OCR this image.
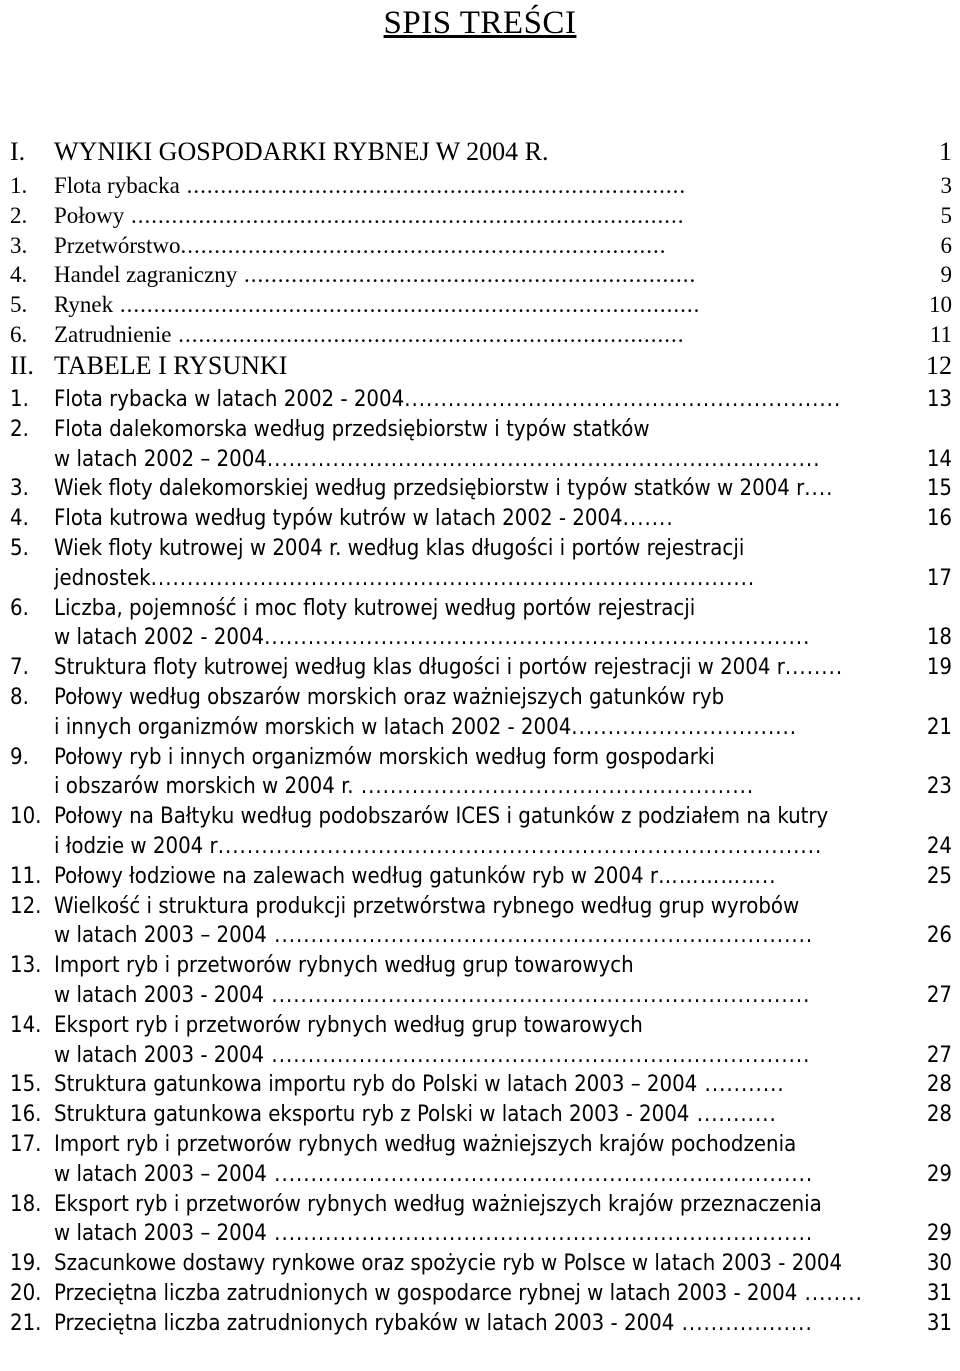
SPIS TREŚCI
I.	WYNIKI GOSPODARKI RYBNEJ W 2004 R.	1
1.	Flota rybacka ..........................................................................	3
2.	Połowy ..................................................................................	5
3.	Przetwórstwo........................................................................	6
4.	Handel zagraniczny ...................................................................	9
5.	Rynek ......................................................................................	10
6.	Zatrudnienie ...........................................................................	11
II. TABELE I RYSUNKI	12
1.	Flota rybacka w latach 2002 - 2004............................................................	13
2.	Flota dalekomorska według przedsiębiorstw i typów statków
w latach 2002 – 2004............................................................................	14
3.	Wiek floty dalekomorskiej według przedsiębiorstw i typów statków w 2004 r....	15
4.	Flota kutrowa według typów kutrów w latach 2002 - 2004.......	16
5.	Wiek floty kutrowej w 2004 r. według klas długości i portów rejestracji
jednostek...................................................................................	17
6.	Liczba, pojemność i moc floty kutrowej według portów rejestracji
w latach 2002 - 2004...........................................................................	18
7.	Struktura floty kutrowej według klas długości i portów rejestracji w 2004 r........	19
8.	Połowy według obszarów morskich oraz ważniejszych gatunków ryb
i innych organizmów morskich w latach 2002 - 2004...............................	21
9.	Połowy ryb i innych organizmów morskich według form gospodarki
i obszarów morskich w 2004 r. ......................................................	23
10. Połowy na Bałtyku według podobszarów ICES i gatunków z podziałem na kutry
i łodzie w 2004 r...................................................................................	24
11. Połowy łodziowe na zalewach według gatunków ryb w 2004 r……………..	25
12. Wielkość i struktura produkcji przetwórstwa rybnego według grup wyrobów
w latach 2003 – 2004 ..........................................................................	26
13. Import ryb i przetworów rybnych według grup towarowych
w latach 2003 - 2004 ..........................................................................	27
14. Eksport ryb i przetworów rybnych według grup towarowych
w latach 2003 - 2004 ..........................................................................	27
15. Struktura gatunkowa importu ryb do Polski w latach 2003 – 2004 ...........	28
16. Struktura gatunkowa eksportu ryb z Polski w latach 2003 - 2004 ...........	28
17. Import ryb i przetworów rybnych według ważniejszych krajów pochodzenia
w latach 2003 – 2004 ..........................................................................	29
18. Eksport ryb i przetworów rybnych według ważniejszych krajów przeznaczenia
w latach 2003 – 2004 ..........................................................................	29
19. Szacunkowe dostawy rynkowe oraz spożycie ryb w Polsce w latach 2003 - 2004	30
20. Przeciętna liczba zatrudnionych w gospodarce rybnej w latach 2003 - 2004 ........	31
21. Przeciętna liczba zatrudnionych rybaków w latach 2003 - 2004 ..................	31
